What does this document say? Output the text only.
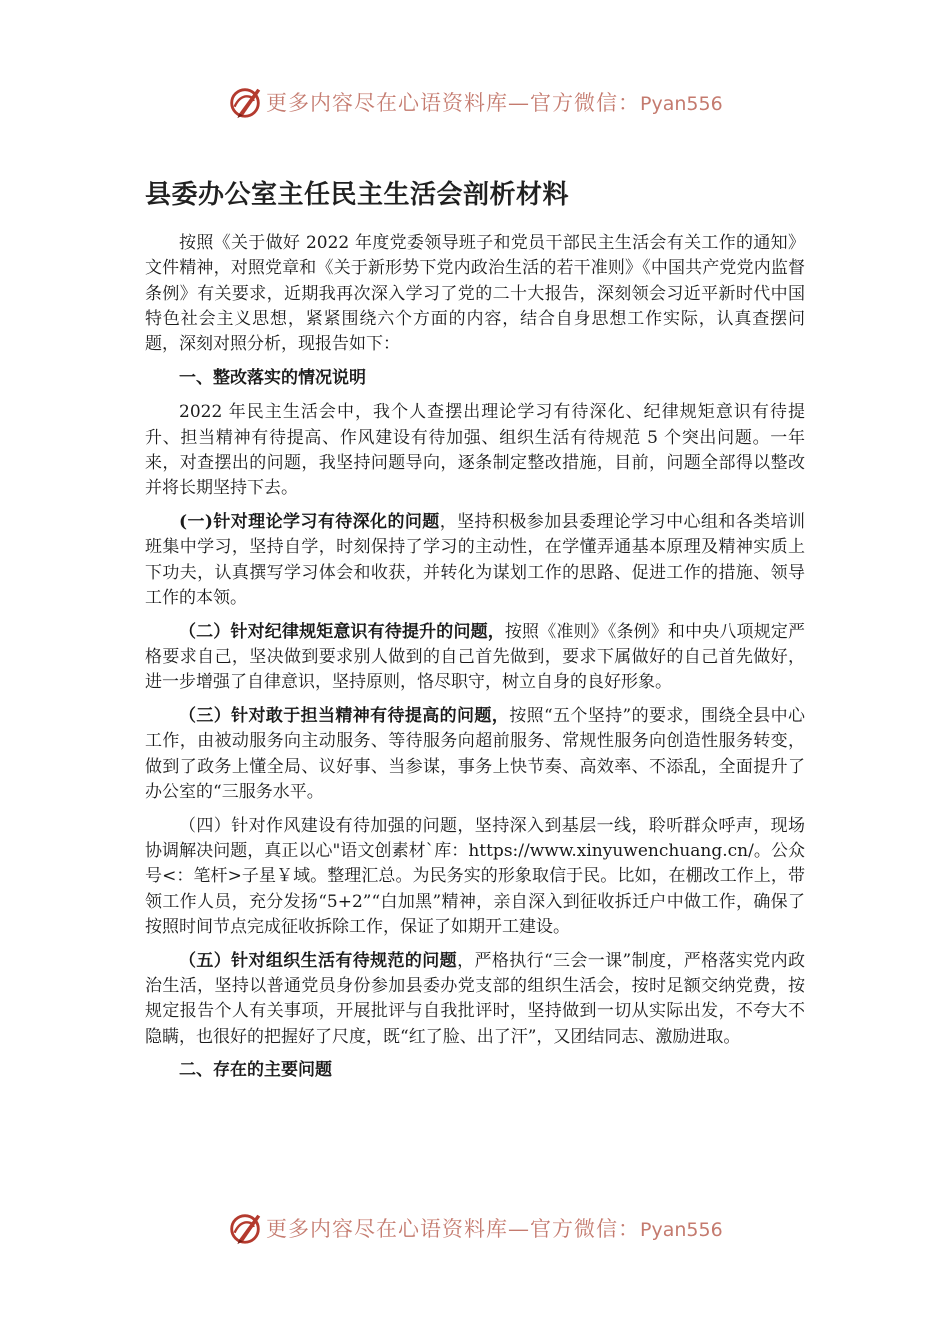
更多内容尽在心语资料库—官方微信：Pyan556
县委办公室主任民主生活会剖析材料

按照《关于做好 2022 年度党委领导班子和党员干部民主生活会有关工作的通知》文件精神，对照党章和《关于新形势下党内政治生活的若干准则》《中国共产党党内监督条例》有关要求，近期我再次深入学习了党的二十大报告，深刻领会习近平新时代中国特色社会主义思想，紧紧围绕六个方面的内容，结合自身思想工作实际，认真查摆问题，深刻对照分析，现报告如下：

一、整改落实的情况说明

2022 年民主生活会中，我个人查摆出理论学习有待深化、纪律规矩意识有待提升、担当精神有待提高、作风建设有待加强、组织生活有待规范 5 个突出问题。一年来，对查摆出的问题，我坚持问题导向，逐条制定整改措施，目前，问题全部得以整改并将长期坚持下去。

(一)针对理论学习有待深化的问题，坚持积极参加县委理论学习中心组和各类培训班集中学习，坚持自学，时刻保持了学习的主动性，在学懂弄通基本原理及精神实质上下功夫，认真撰写学习体会和收获，并转化为谋划工作的思路、促进工作的措施、领导工作的本领。

（二）针对纪律规矩意识有待提升的问题，按照《准则》《条例》和中央八项规定严格要求自己，坚决做到要求别人做到的自己首先做到，要求下属做好的自己首先做好，进一步增强了自律意识，坚持原则，恪尽职守，树立自身的良好形象。

（三）针对敢于担当精神有待提高的问题，按照“五个坚持”的要求，围绕全县中心工作，由被动服务向主动服务、等待服务向超前服务、常规性服务向创造性服务转变，做到了政务上懂全局、议好事、当参谋，事务上快节奏、高效率、不添乱，全面提升了办公室的“三服务水平。

（四）针对作风建设有待加强的问题，坚持深入到基层一线，聆听群众呼声，现场协调解决问题，真正以心"语文创素材`库：https://www.xinyuwenchuang.cn/。公众号<：笔杆>子星￥域。整理汇总。为民务实的形象取信于民。比如，在棚改工作上，带领工作人员，充分发扬“5+2”“白加黑”精神，亲自深入到征收拆迁户中做工作，确保了按照时间节点完成征收拆除工作，保证了如期开工建设。

（五）针对组织生活有待规范的问题，严格执行“三会一课”制度，严格落实党内政治生活，坚持以普通党员身份参加县委办党支部的组织生活会，按时足额交纳党费，按规定报告个人有关事项，开展批评与自我批评时，坚持做到一切从实际出发，不夸大不隐瞒，也很好的把握好了尺度，既“红了脸、出了汗”，又团结同志、激励进取。

二、存在的主要问题

更多内容尽在心语资料库—官方微信：Pyan556
